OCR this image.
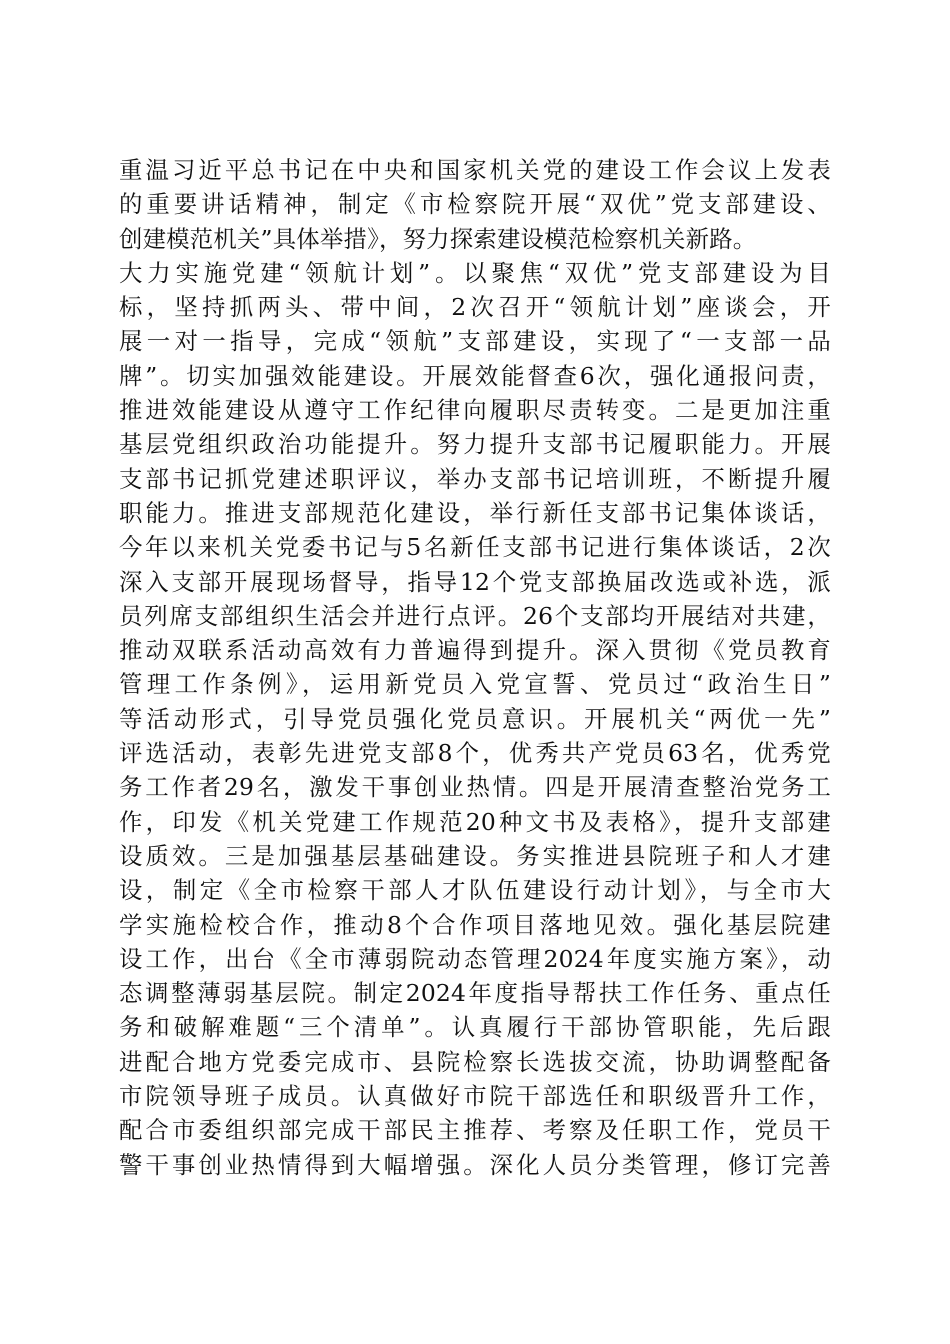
重温习近平总书记在中央和国家机关党的建设工作会议上发表
的重要讲话精神，制定《市检察院开展“双优”党支部建设、
创建模范机关”具体举措》，努力探索建设模范检察机关新路。
大力实施党建“领航计划”。以聚焦“双优”党支部建设为目
标，坚持抓两头、带中间，2次召开“领航计划”座谈会，开
展一对一指导，完成“领航”支部建设，实现了“一支部一品
牌”。切实加强效能建设。开展效能督查6次，强化通报问责，
推进效能建设从遵守工作纪律向履职尽责转变。二是更加注重
基层党组织政治功能提升。努力提升支部书记履职能力。开展
支部书记抓党建述职评议，举办支部书记培训班，不断提升履
职能力。推进支部规范化建设，举行新任支部书记集体谈话，
今年以来机关党委书记与5名新任支部书记进行集体谈话，2次
深入支部开展现场督导，指导12个党支部换届改选或补选，派
员列席支部组织生活会并进行点评。26个支部均开展结对共建，
推动双联系活动高效有力普遍得到提升。深入贯彻《党员教育
管理工作条例》，运用新党员入党宣誓、党员过“政治生日”
等活动形式，引导党员强化党员意识。开展机关“两优一先”
评选活动，表彰先进党支部8个，优秀共产党员63名，优秀党
务工作者29名，激发干事创业热情。四是开展清查整治党务工
作，印发《机关党建工作规范20种文书及表格》，提升支部建
设质效。三是加强基层基础建设。务实推进县院班子和人才建
设，制定《全市检察干部人才队伍建设行动计划》，与全市大
学实施检校合作，推动8个合作项目落地见效。强化基层院建
设工作，出台《全市薄弱院动态管理2024年度实施方案》，动
态调整薄弱基层院。制定2024年度指导帮扶工作任务、重点任
务和破解难题“三个清单”。认真履行干部协管职能，先后跟
进配合地方党委完成市、县院检察长选拔交流，协助调整配备
市院领导班子成员。认真做好市院干部选任和职级晋升工作，
配合市委组织部完成干部民主推荐、考察及任职工作，党员干
警干事创业热情得到大幅增强。深化人员分类管理，修订完善
